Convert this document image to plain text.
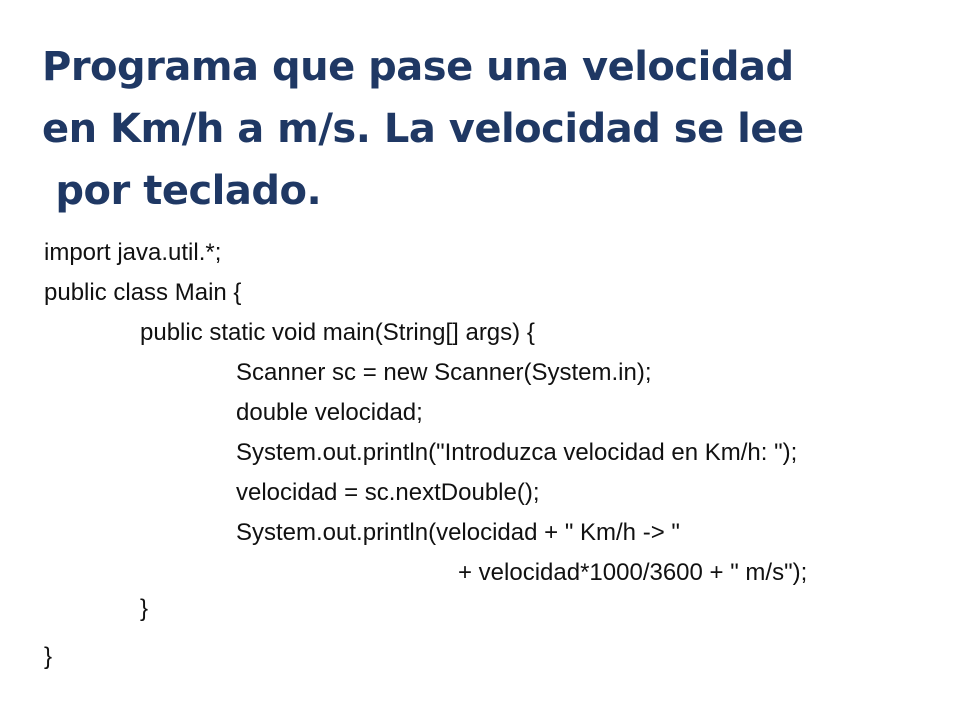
Programa que pase una velocidad
en Km/h a m/s. La velocidad se lee
por teclado.
import java.util.*;
public class Main {
public static void main(String[] args) {
Scanner sc = new Scanner(System.in);
double velocidad;
System.out.println("Introduzca velocidad en Km/h: ");
velocidad = sc.nextDouble();
System.out.println(velocidad + " Km/h -> "
+ velocidad*1000/3600 + " m/s");
}
}
